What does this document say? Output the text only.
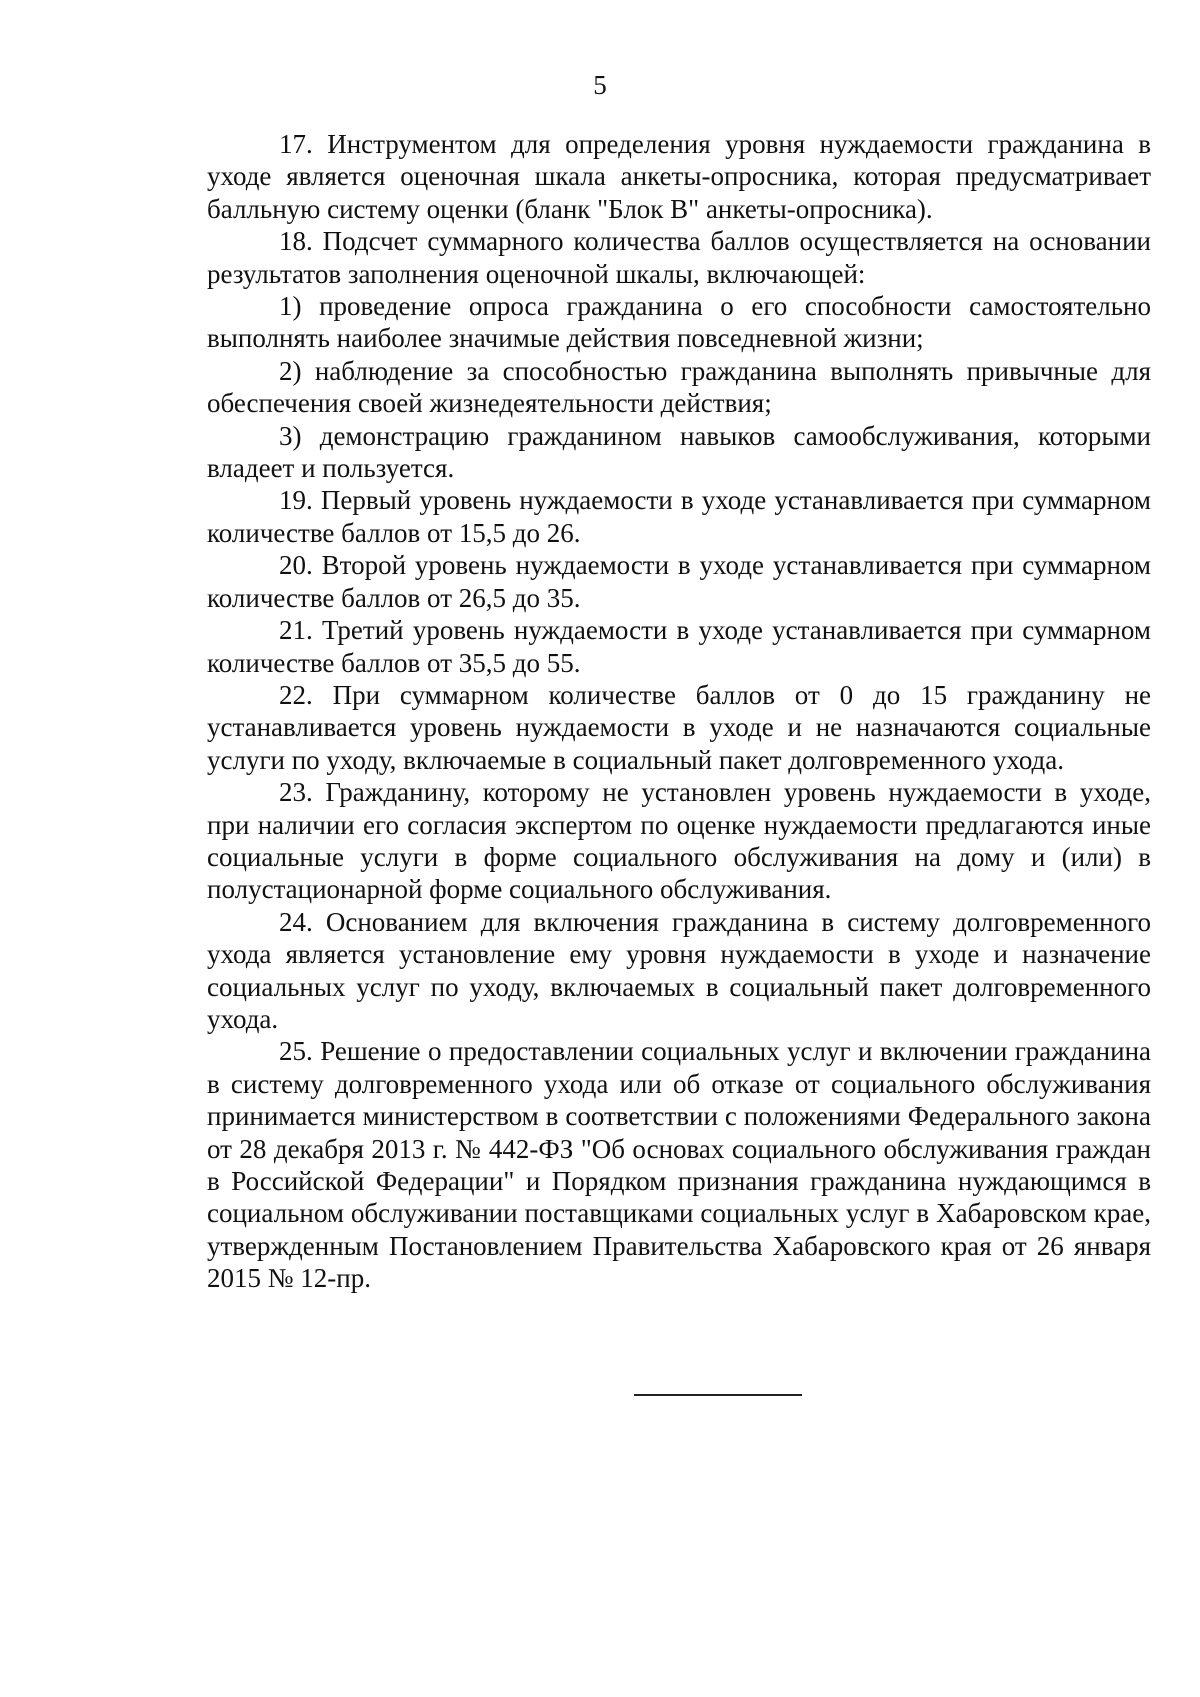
5

17. Инструментом для определения уровня нуждаемости гражданина в уходе является оценочная шкала анкеты-опросника, которая предусматривает балльную систему оценки (бланк "Блок В" анкеты-опросника).

18. Подсчет суммарного количества баллов осуществляется на основании результатов заполнения оценочной шкалы, включающей:

1) проведение опроса гражданина о его способности самостоятельно выполнять наиболее значимые действия повседневной жизни;

2) наблюдение за способностью гражданина выполнять привычные для обеспечения своей жизнедеятельности действия;

3) демонстрацию гражданином навыков самообслуживания, которыми владеет и пользуется.

19. Первый уровень нуждаемости в уходе устанавливается при суммарном количестве баллов от 15,5 до 26.

20. Второй уровень нуждаемости в уходе устанавливается при суммарном количестве баллов от 26,5 до 35.

21. Третий уровень нуждаемости в уходе устанавливается при суммарном количестве баллов от 35,5 до 55.

22. При суммарном количестве баллов от 0 до 15 гражданину не устанавливается уровень нуждаемости в уходе и не назначаются социальные услуги по уходу, включаемые в социальный пакет долговременного ухода.

23. Гражданину, которому не установлен уровень нуждаемости в уходе, при наличии его согласия экспертом по оценке нуждаемости предлагаются иные социальные услуги в форме социального обслуживания на дому и (или) в полустационарной форме социального обслуживания.

24. Основанием для включения гражданина в систему долговременного ухода является установление ему уровня нуждаемости в уходе и назначение социальных услуг по уходу, включаемых в социальный пакет долговременного ухода.

25. Решение о предоставлении социальных услуг и включении гражданина в систему долговременного ухода или об отказе от социального обслуживания принимается министерством в соответствии с положениями Федерального закона от 28 декабря 2013 г. № 442-ФЗ "Об основах социального обслуживания граждан в Российской Федерации" и Порядком признания гражданина нуждающимся в социальном обслуживании поставщиками социальных услуг в Хабаровском крае, утвержденным Постановлением Правительства Хабаровского края от 26 января 2015 № 12-пр.
